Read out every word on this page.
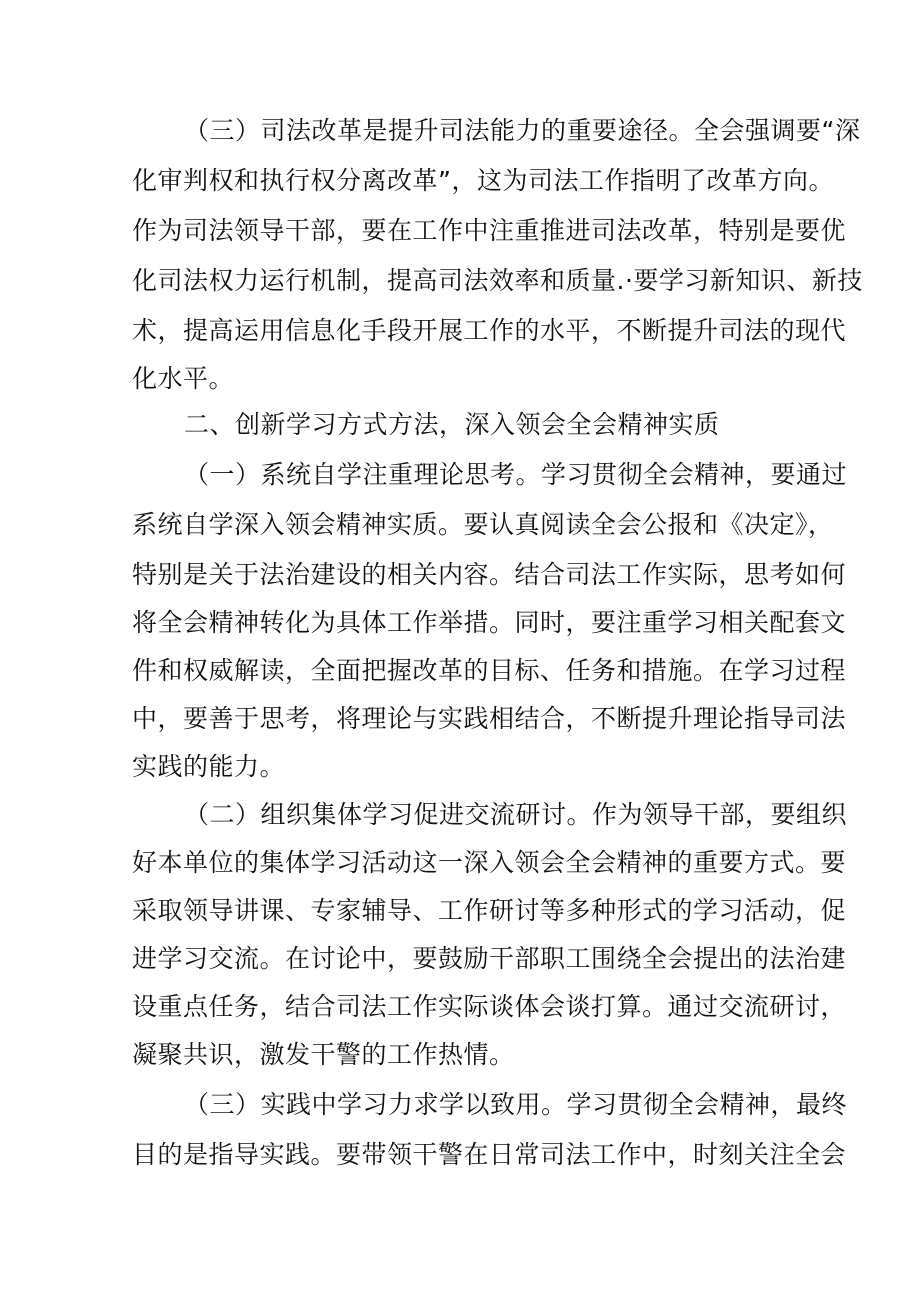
（三）司法改革是提升司法能力的重要途径。全会强调要“深
化审判权和执行权分离改革”，这为司法工作指明了改革方向。
作为司法领导干部，要在工作中注重推进司法改革，特别是要优
化司法权力运行机制，提高司法效率和质量.·要学习新知识、新技
术，提高运用信息化手段开展工作的水平，不断提升司法的现代
化水平。
二、创新学习方式方法，深入领会全会精神实质
（一）系统自学注重理论思考。学习贯彻全会精神，要通过
系统自学深入领会精神实质。要认真阅读全会公报和《决定》，
特别是关于法治建设的相关内容。结合司法工作实际，思考如何
将全会精神转化为具体工作举措。同时，要注重学习相关配套文
件和权威解读，全面把握改革的目标、任务和措施。在学习过程
中，要善于思考，将理论与实践相结合，不断提升理论指导司法
实践的能力。
（二）组织集体学习促进交流研讨。作为领导干部，要组织
好本单位的集体学习活动这一深入领会全会精神的重要方式。要
采取领导讲课、专家辅导、工作研讨等多种形式的学习活动，促
进学习交流。在讨论中，要鼓励干部职工围绕全会提出的法治建
设重点任务，结合司法工作实际谈体会谈打算。通过交流研讨，
凝聚共识，激发干警的工作热情。
（三）实践中学习力求学以致用。学习贯彻全会精神，最终
目的是指导实践。要带领干警在日常司法工作中，时刻关注全会
